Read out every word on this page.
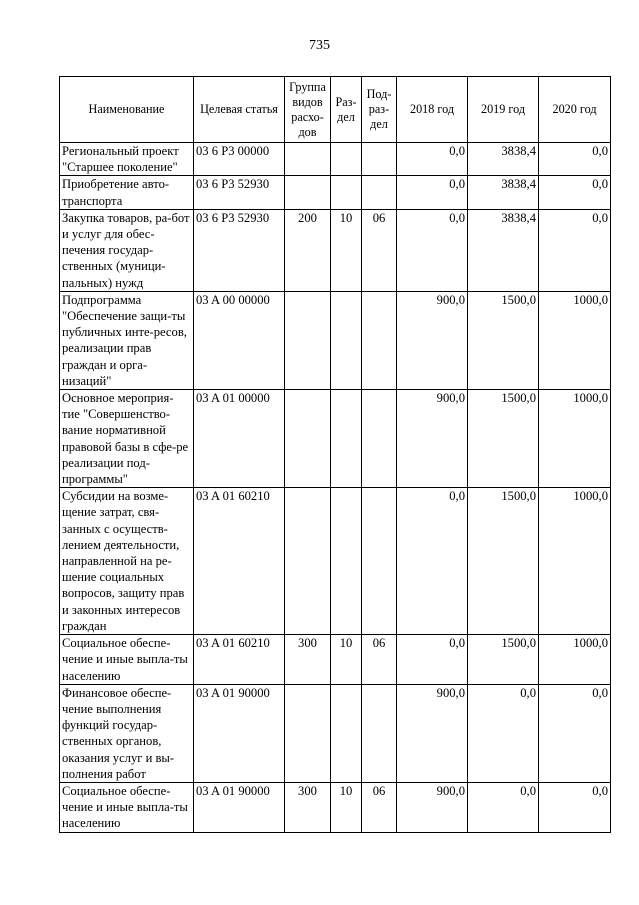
735
Наименование	Целевая статья	Группа видов расхо-дов	Раз-дел	Под-раз-дел	2018 год	2019 год	2020 год
Региональный проект "Старшее поколение"	03 6 P3 00000				0,0	3838,4	0,0
Приобретение авто-транспорта	03 6 P3 52930				0,0	3838,4	0,0
Закупка товаров, ра-бот и услуг для обес-печения государ-ственных (муници-пальных) нужд	03 6 P3 52930	200	10	06	0,0	3838,4	0,0
Подпрограмма "Обеспечение защи-ты публичных инте-ресов, реализации прав граждан и орга-низаций"	03 A 00 00000				900,0	1500,0	1000,0
Основное мероприя-тие "Совершенство-вание нормативной правовой базы в сфе-ре реализации под-программы"	03 A 01 00000				900,0	1500,0	1000,0
Субсидии на возме-щение затрат, свя-занных с осуществ-лением деятельности, направленной на ре-шение социальных вопросов, защиту прав и законных интересов граждан	03 A 01 60210				0,0	1500,0	1000,0
Социальное обеспе-чение и иные выпла-ты населению	03 A 01 60210	300	10	06	0,0	1500,0	1000,0
Финансовое обеспе-чение выполнения функций государ-ственных органов, оказания услуг и вы-полнения работ	03 A 01 90000				900,0	0,0	0,0
Социальное обеспе-чение и иные выпла-ты населению	03 A 01 90000	300	10	06	900,0	0,0	0,0
